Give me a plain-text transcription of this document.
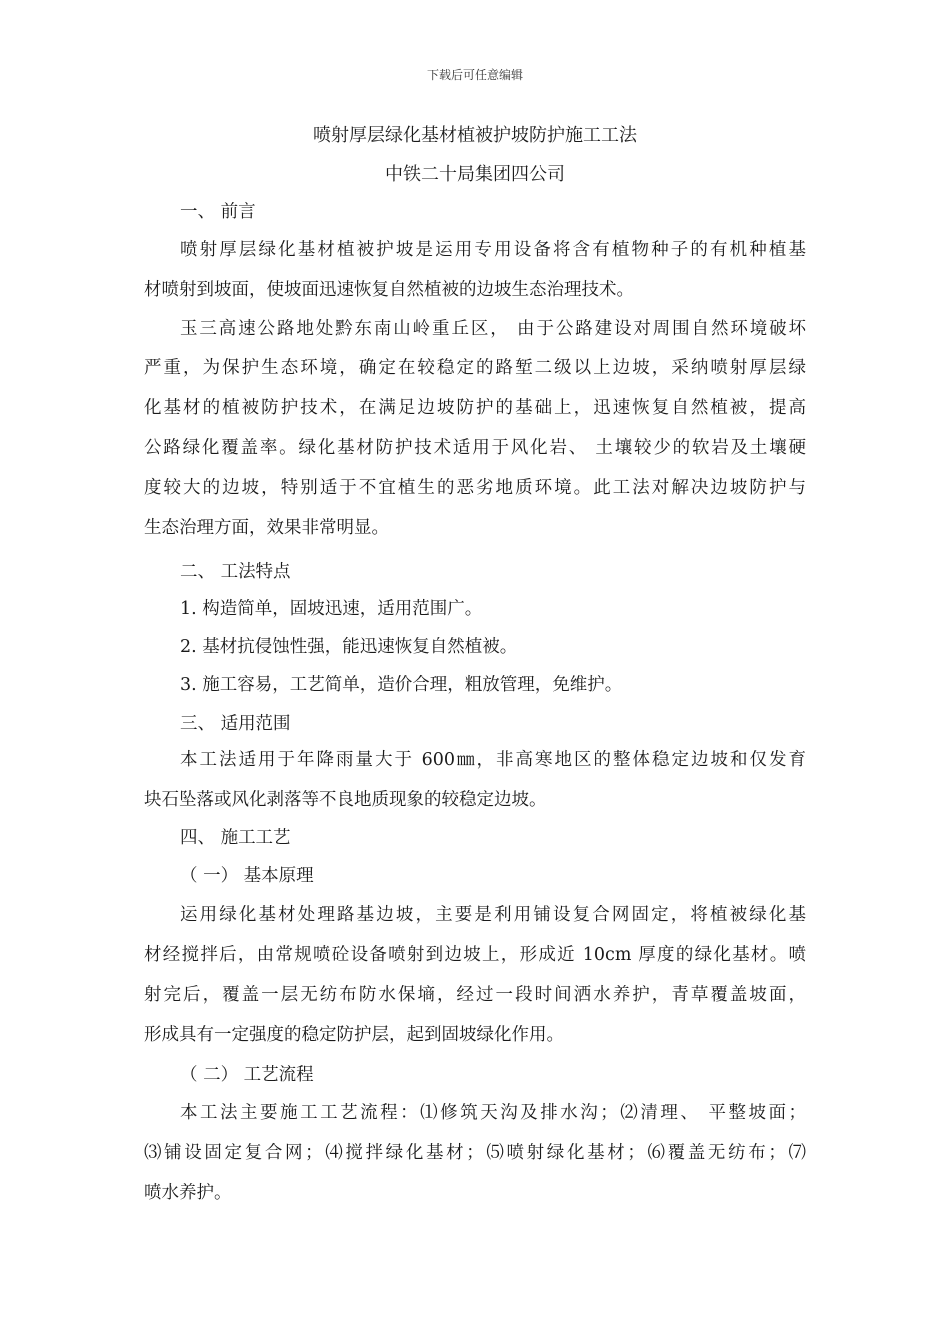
下载后可任意编辑
喷射厚层绿化基材植被护坡防护施工工法
中铁二十局集团四公司
一、 前言
喷射厚层绿化基材植被护坡是运用专用设备将含有植物种子的有机种植基
材喷射到坡面，使坡面迅速恢复自然植被的边坡生态治理技术。
玉三高速公路地处黔东南山岭重丘区， 由于公路建设对周围自然环境破坏
严重，为保护生态环境，确定在较稳定的路堑二级以上边坡，采纳喷射厚层绿
化基材的植被防护技术，在满足边坡防护的基础上，迅速恢复自然植被，提高
公路绿化覆盖率。绿化基材防护技术适用于风化岩、 土壤较少的软岩及土壤硬
度较大的边坡，特别适于不宜植生的恶劣地质环境。此工法对解决边坡防护与
生态治理方面，效果非常明显。
二、 工法特点
1. 构造简单，固坡迅速，适用范围广。
2. 基材抗侵蚀性强，能迅速恢复自然植被。
3. 施工容易，工艺简单，造价合理，粗放管理，免维护。
三、 适用范围
本工法适用于年降雨量大于 600㎜，非高寒地区的整体稳定边坡和仅发育
块石坠落或风化剥落等不良地质现象的较稳定边坡。
四、 施工工艺
（ 一） 基本原理
运用绿化基材处理路基边坡，主要是利用铺设复合网固定，将植被绿化基
材经搅拌后，由常规喷砼设备喷射到边坡上，形成近 10cm 厚度的绿化基材。喷
射完后，覆盖一层无纺布防水保墒，经过一段时间洒水养护，青草覆盖坡面，
形成具有一定强度的稳定防护层，起到固坡绿化作用。
（ 二） 工艺流程
本工法主要施工工艺流程：⑴修筑天沟及排水沟；⑵清理、 平整坡面；
⑶铺设固定复合网；⑷搅拌绿化基材；⑸喷射绿化基材；⑹覆盖无纺布；⑺
喷水养护。
